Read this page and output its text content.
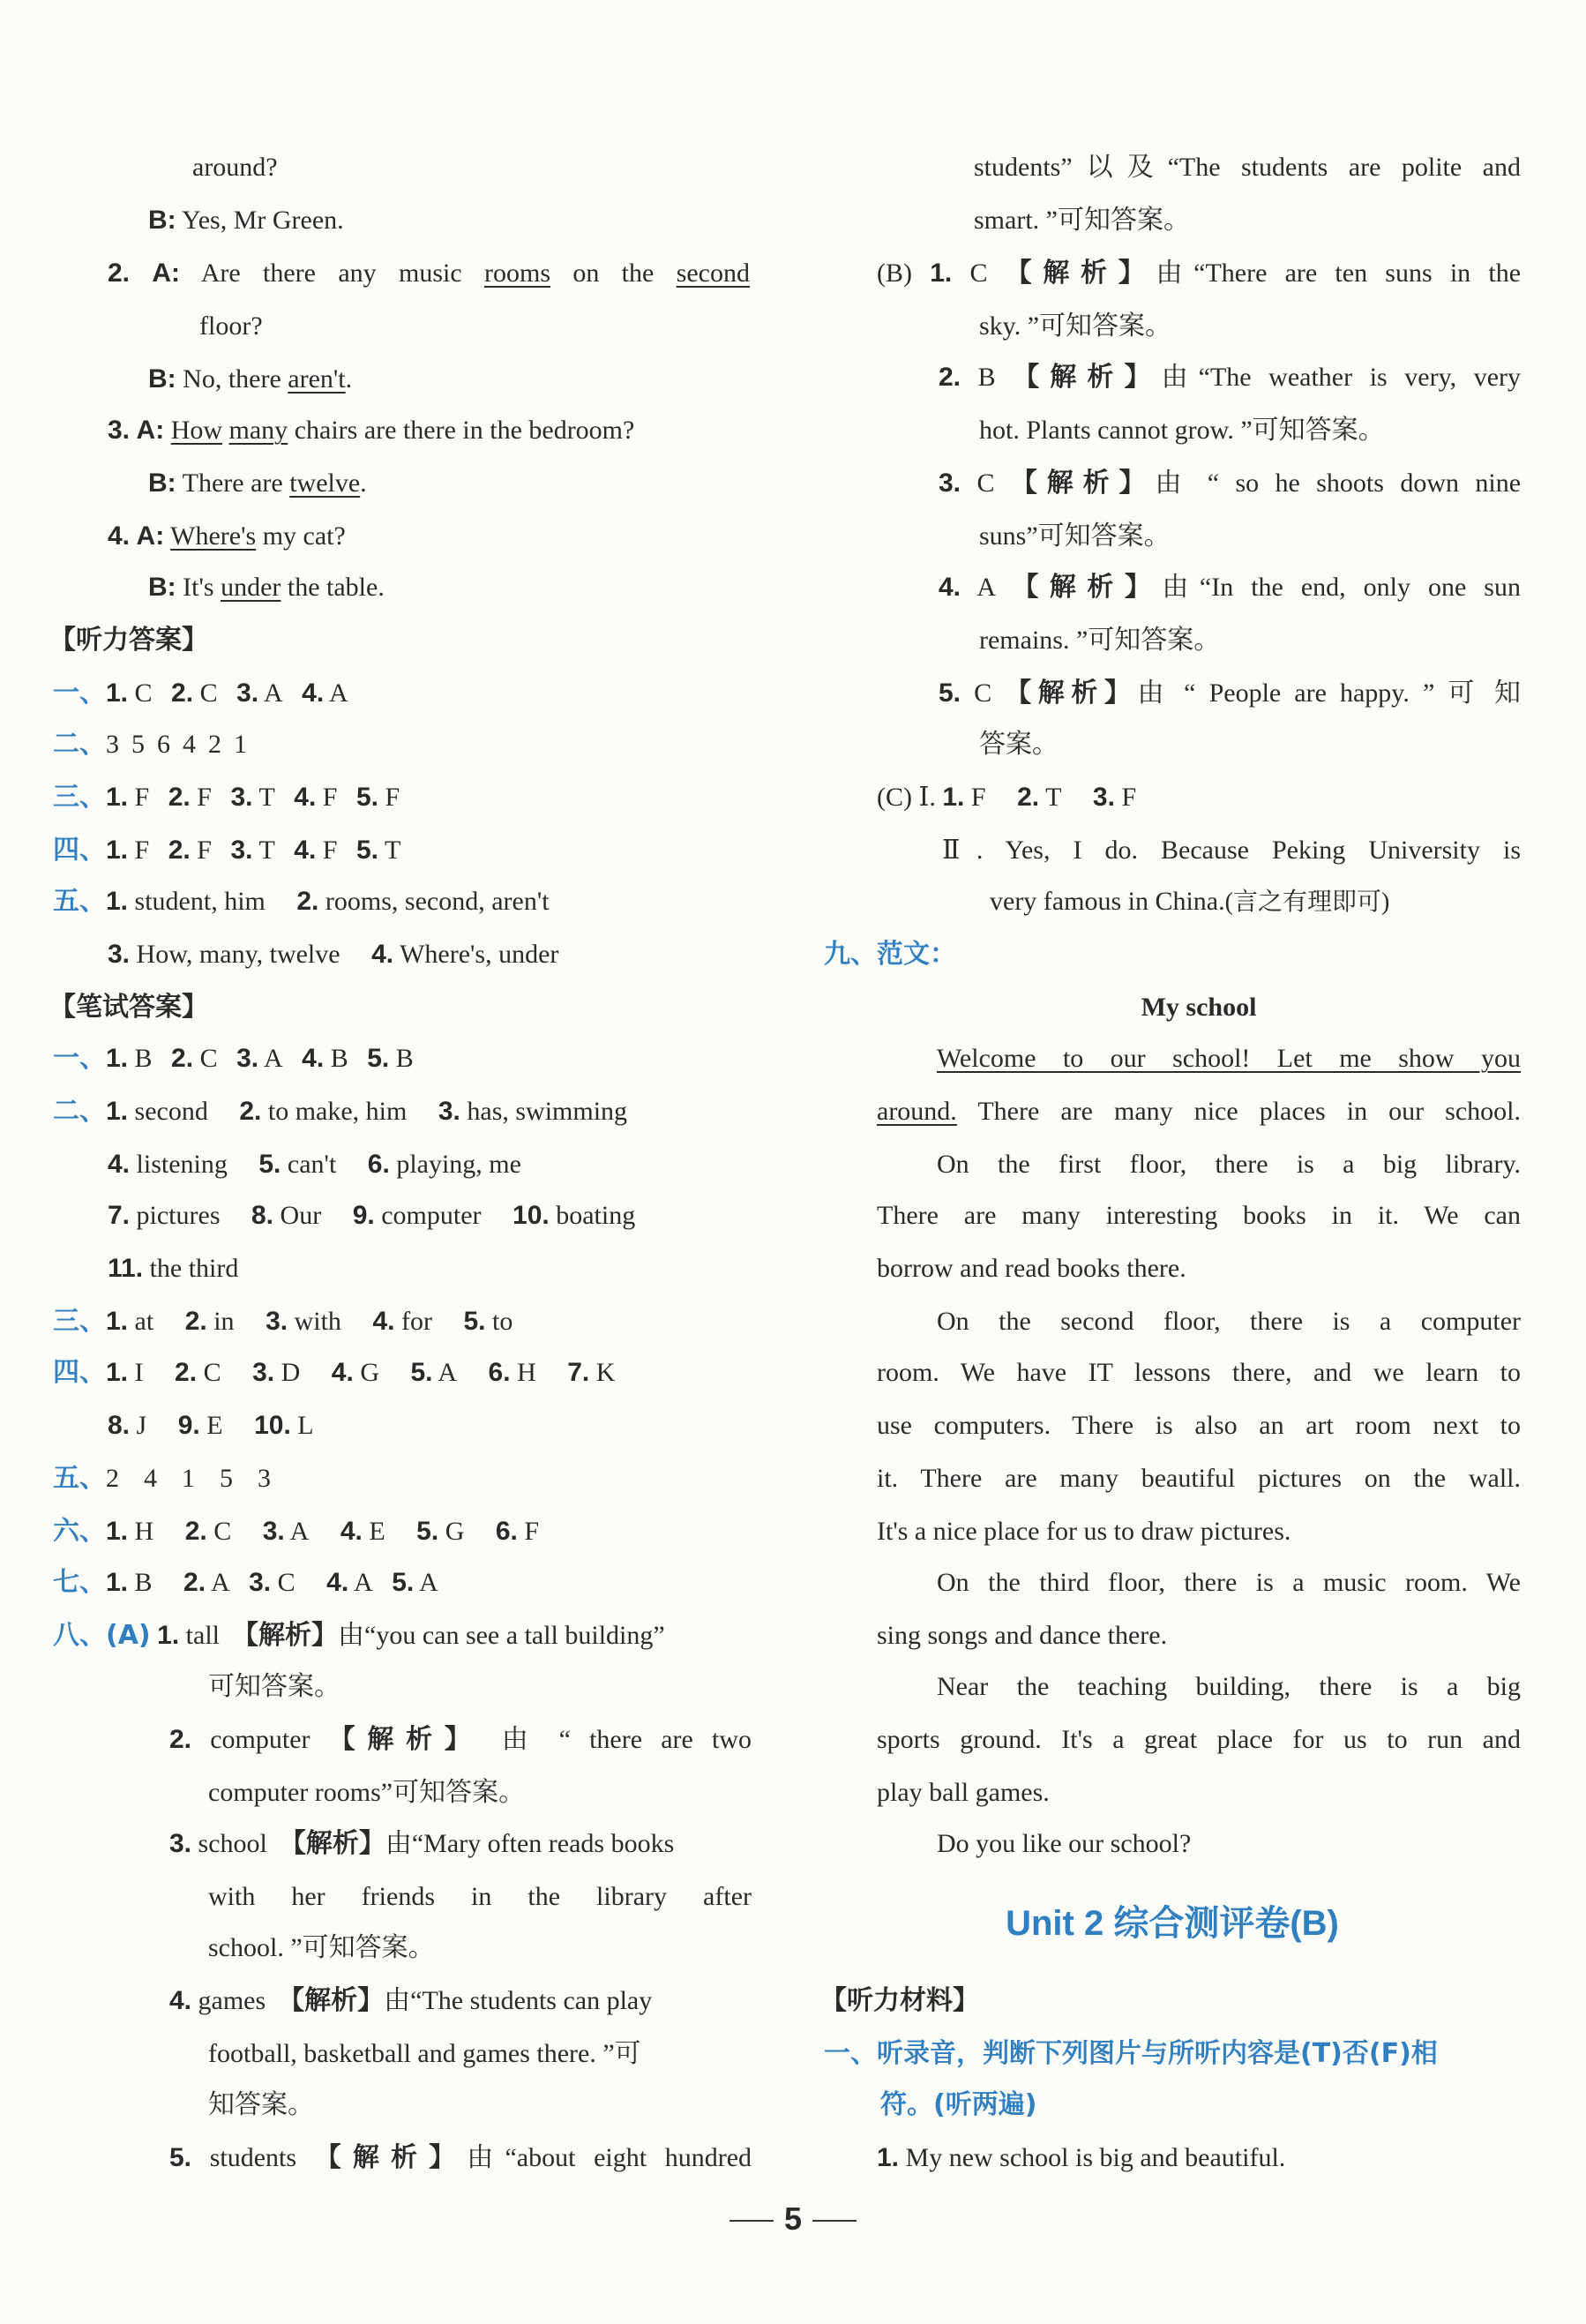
around?
B: Yes, Mr Green.
2. A: Are there any music rooms on the second
floor?
B: No, there aren't.
3. A: How many chairs are there in the bedroom?
B: There are twelve.
4. A: Where's my cat?
B: It's under the table.
【听力答案】
一、1. C 2. C 3. A 4. A
二、3 5 6 4 2 1
三、1. F 2. F 3. T 4. F 5. F
四、1. F 2. F 3. T 4. F 5. T
五、1. student, him 2. rooms, second, aren't
3. How, many, twelve 4. Where's, under
【笔试答案】
一、1. B 2. C 3. A 4. B 5. B
二、1. second 2. to make, him 3. has, swimming
4. listening 5. can't 6. playing, me
7. pictures 8. Our 9. computer 10. boating
11. the third
三、1. at 2. in 3. with 4. for 5. to
四、1. I 2. C 3. D 4. G 5. A 6. H 7. K
8. J 9. E 10. L
五、2 4 1 5 3
六、1. H 2. C 3. A 4. E 5. G 6. F
七、1. B 2. A 3. C 4. A 5. A
八、(A) 1. tall 【解析】由“you can see a tall building”
可知答案。
2. computer 【解析】 由 “ there are two
computer rooms”可知答案。
3. school 【解析】由“Mary often reads books
with her friends in the library after
school. ”可知答案。
4. games 【解析】由“The students can play
football, basketball and games there. ”可
知答案。
5. students 【解析】由“about eight hundred
students”以及“The students are polite and
smart. ”可知答案。
(B) 1. C 【解析】由“There are ten suns in the
sky. ”可知答案。
2. B 【解析】由“The weather is very, very
hot. Plants cannot grow. ”可知答案。
3. C 【解析】由 “ so he shoots down nine
suns”可知答案。
4. A 【解析】由“In the end, only one sun
remains. ”可知答案。
5. C 【解析】由 “ People are happy. ” 可 知
答案。
(C) Ⅰ. 1. F 2. T 3. F
Ⅱ. Yes, I do. Because Peking University is
very famous in China.(言之有理即可)
九、范文：
My school
Welcome to our school! Let me show you
around. There are many nice places in our school.
On the first floor, there is a big library.
There are many interesting books in it. We can
borrow and read books there.
On the second floor, there is a computer
room. We have IT lessons there, and we learn to
use computers. There is also an art room next to
it. There are many beautiful pictures on the wall.
It's a nice place for us to draw pictures.
On the third floor, there is a music room. We
sing songs and dance there.
Near the teaching building, there is a big
sports ground. It's a great place for us to run and
play ball games.
Do you like our school?
Unit 2 综合测评卷(B)
【听力材料】
一、听录音，判断下列图片与所听内容是(T)否(F)相
符。(听两遍)
1. My new school is big and beautiful.
5
